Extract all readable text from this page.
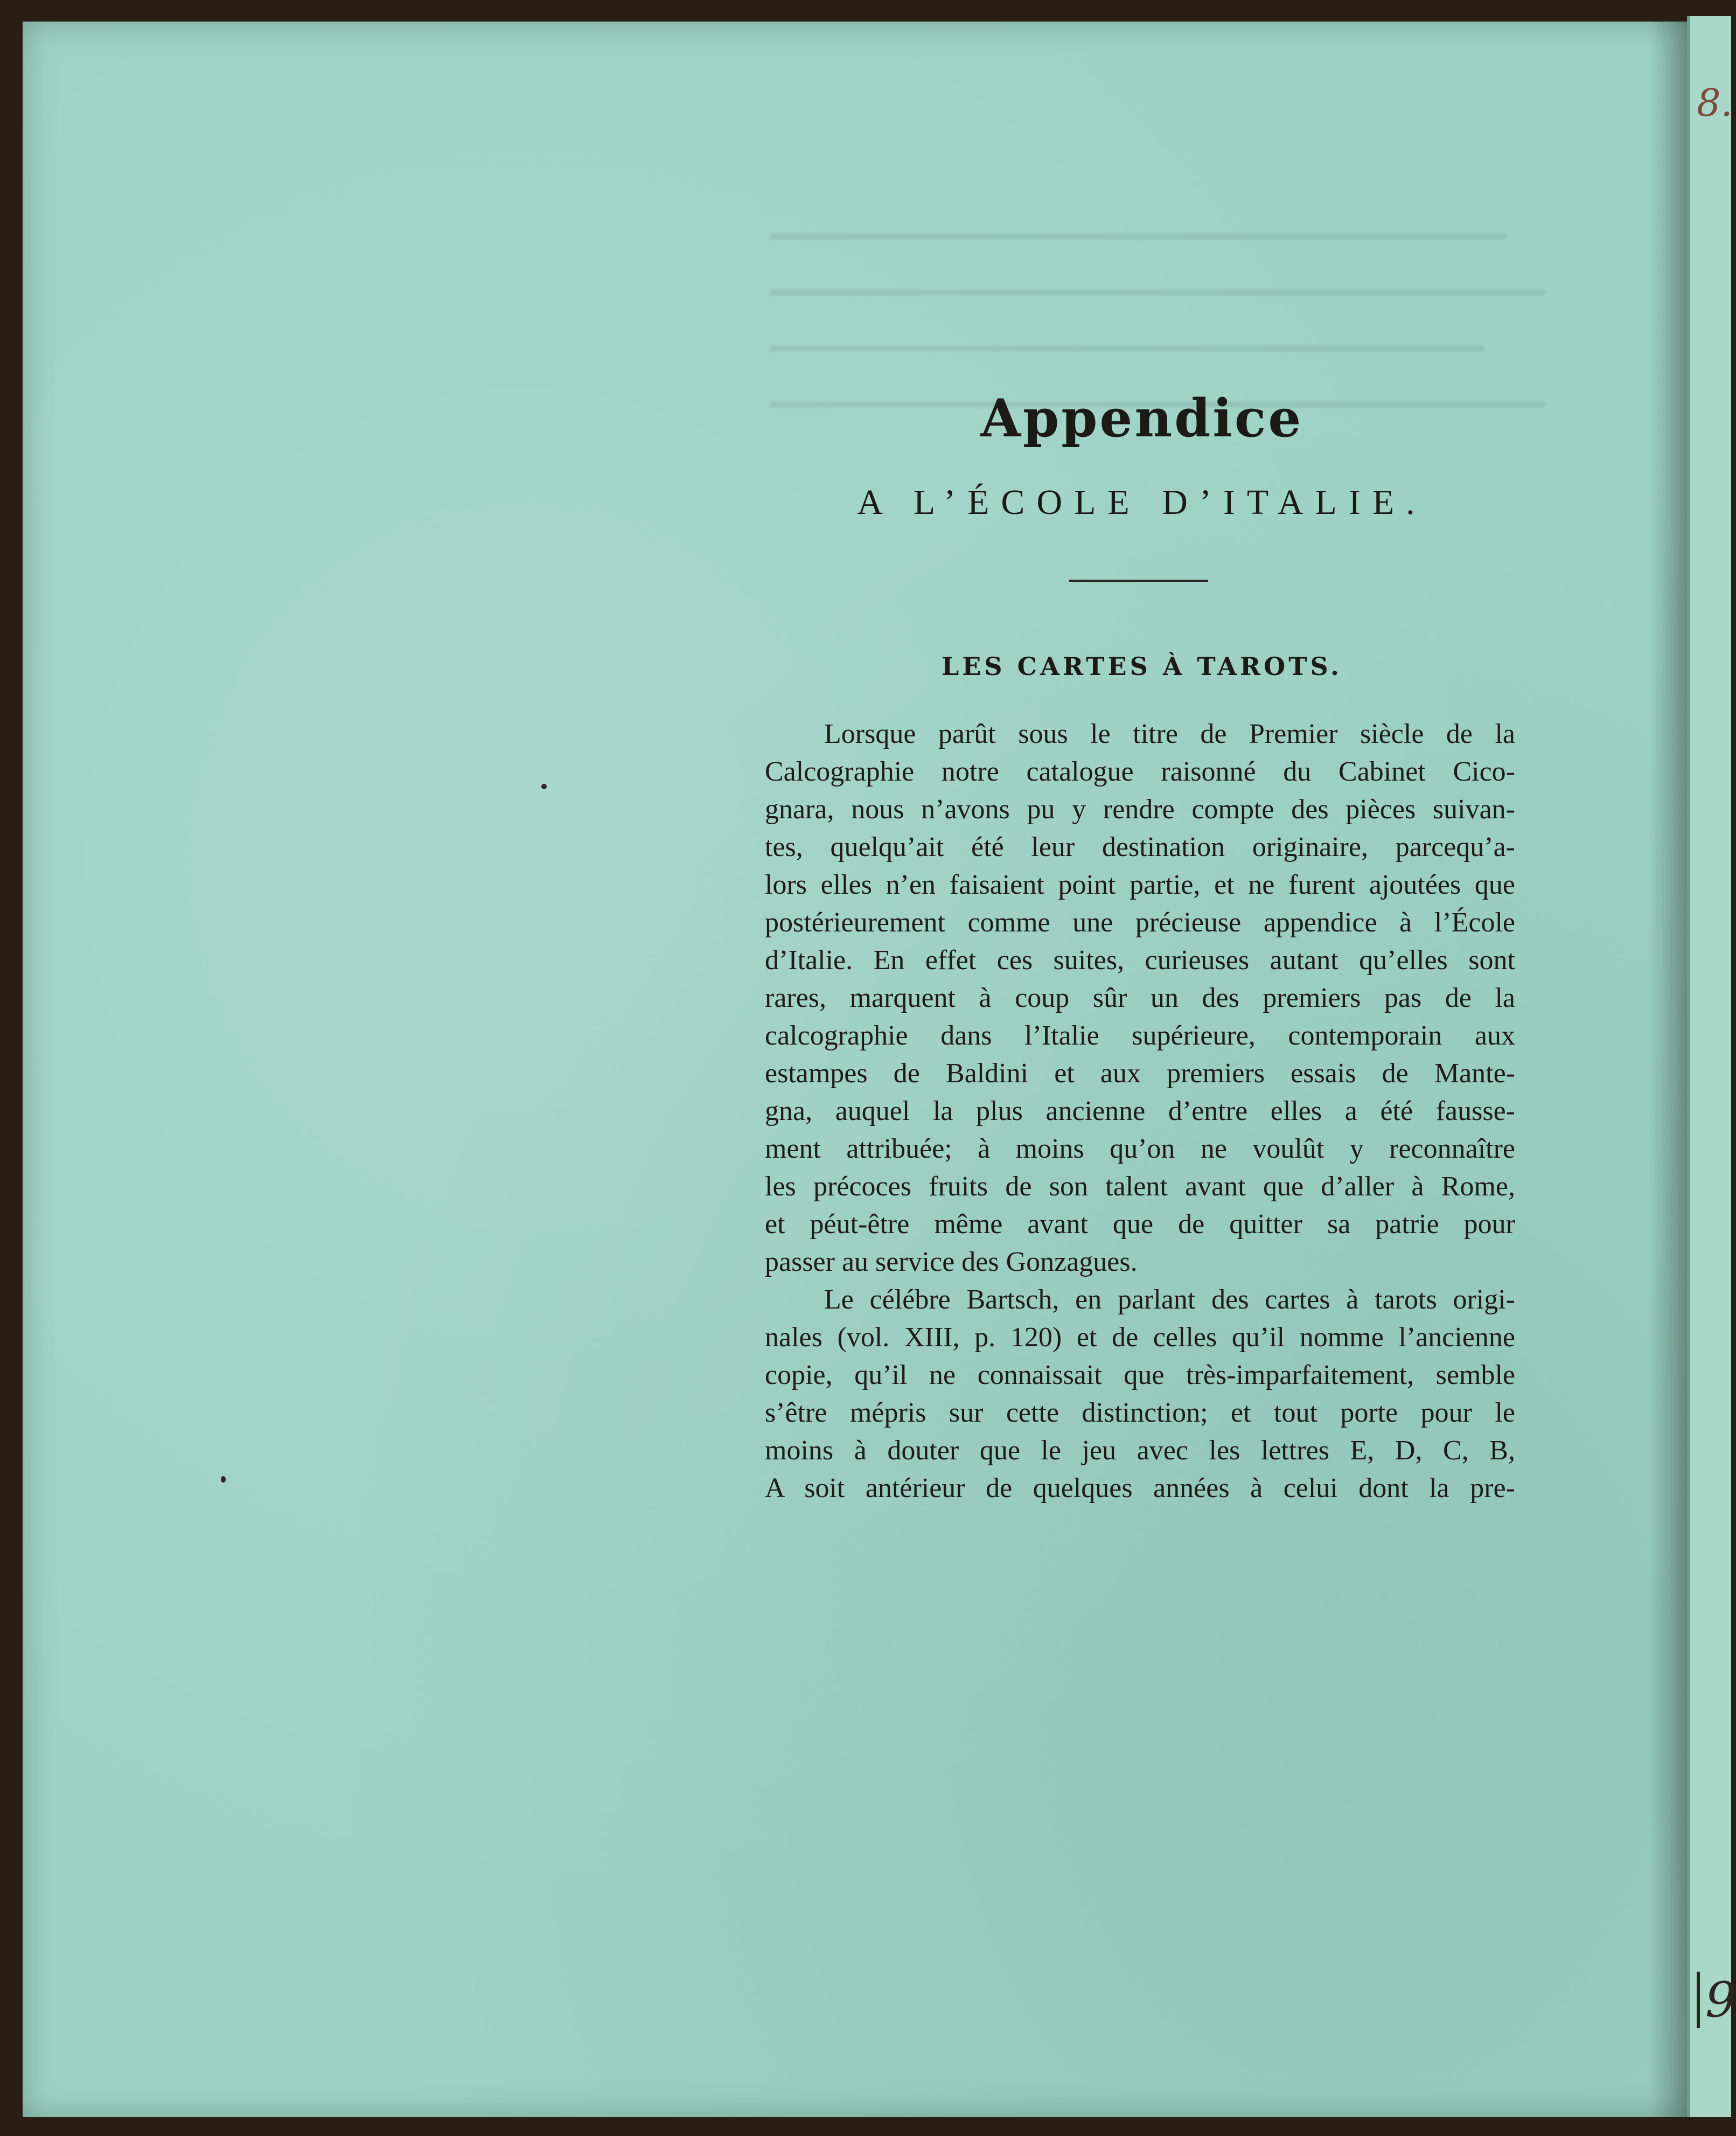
8.
9
Appendice
A L’ÉCOLE D’ITALIE.
LES CARTES À TAROTS.

Lorsque parût sous le titre de Premier siècle de la
Calcographie notre catalogue raisonné du Cabinet Cico-
gnara, nous n’avons pu y rendre compte des pièces suivan-
tes, quelqu’ait été leur destination originaire, parcequ’a-
lors elles n’en faisaient point partie, et ne furent ajoutées que
postérieurement comme une précieuse appendice à l’École
d’Italie. En effet ces suites, curieuses autant qu’elles sont
rares, marquent à coup sûr un des premiers pas de la
calcographie dans l’Italie supérieure, contemporain aux
estampes de Baldini et aux premiers essais de Mante-
gna, auquel la plus ancienne d’entre elles a été fausse-
ment attribuée; à moins qu’on ne voulût y reconnaître
les précoces fruits de son talent avant que d’aller à Rome,
et péut-être même avant que de quitter sa patrie pour
passer au service des Gonzagues.

Le célébre Bartsch, en parlant des cartes à tarots origi-
nales (vol. XIII, p. 120) et de celles qu’il nomme l’ancienne
copie, qu’il ne connaissait que très-imparfaitement, semble
s’être mépris sur cette distinction; et tout porte pour le
moins à douter que le jeu avec les lettres E, D, C, B,
A soit antérieur de quelques années à celui dont la pre-
